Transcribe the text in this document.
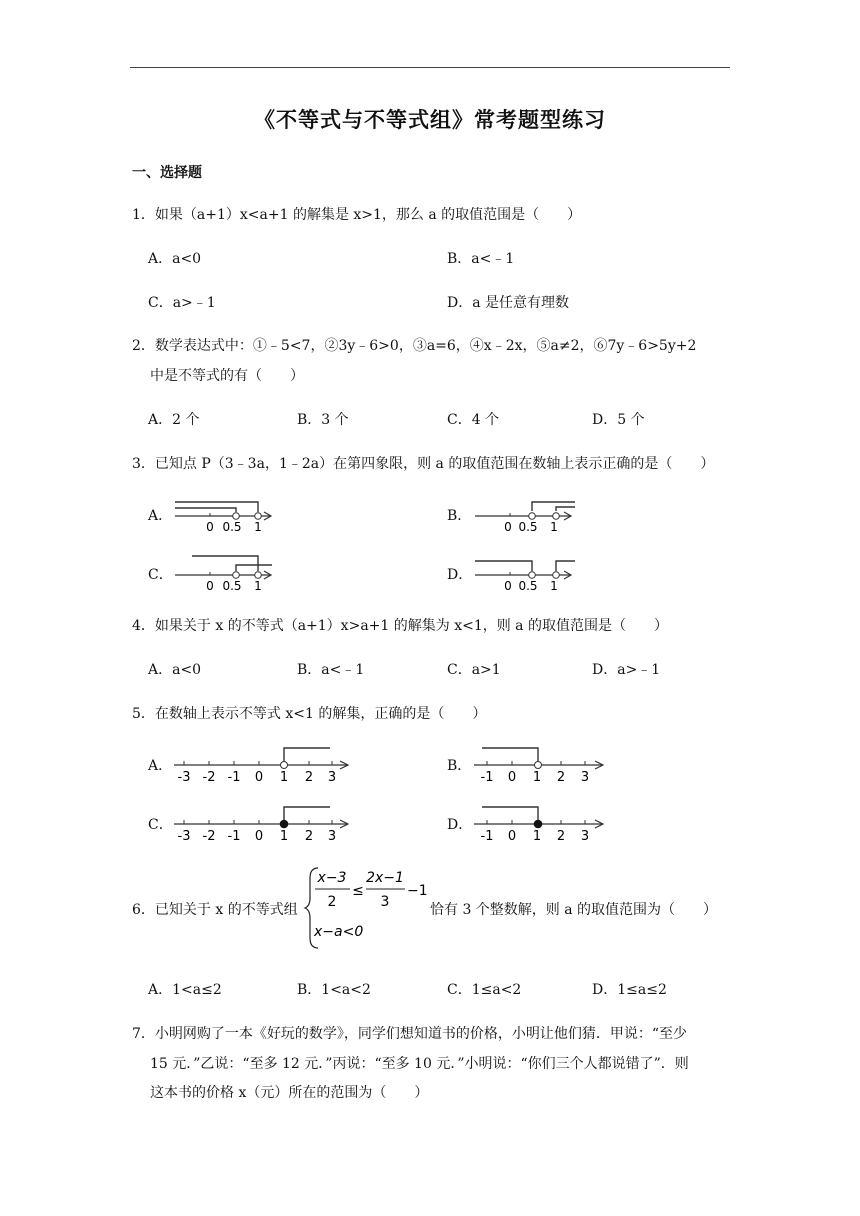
《不等式与不等式组》常考题型练习
一、选择题
1．如果（a+1）x<a+1 的解集是 x>1，那么 a 的取值范围是（　　）
A．a<0	B．a<﹣1
C．a>﹣1	D．a 是任意有理数
2．数学表达式中：①﹣5<7，②3y﹣6>0，③a=6，④x﹣2x，⑤a≠2，⑥7y﹣6>5y+2
中是不等式的有（　　）
A．2 个	B．3 个	C．4 个	D．5 个
3．已知点 P（3﹣3a，1﹣2a）在第四象限，则 a 的取值范围在数轴上表示正确的是（　　）
A．
0 0.5 1
B．
0 0.5 1
C．
0 0.5 1
D．
0 0.5 1
4．如果关于 x 的不等式（a+1）x>a+1 的解集为 x<1，则 a 的取值范围是（　　）
A．a<0	B．a<﹣1	C．a>1	D．a>﹣1
5．在数轴上表示不等式 x<1 的解集，正确的是（　　）
A．
-3 -2 -1 0 1 2 3
B．
-1 0 1 2 3
C．
-3 -2 -1 0 1 2 3
D．
-1 0 1 2 3
6．已知关于 x 的不等式组
x−3
2
≤
2x−1
3
−1
x−a<0
恰有 3 个整数解，则 a 的取值范围为（　　）
A．1<a≤2	B．1<a<2	C．1≤a<2	D．1≤a≤2
7．小明网购了一本《好玩的数学》，同学们想知道书的价格，小明让他们猜．甲说：“至少
15 元．”乙说：“至多 12 元．”丙说：“至多 10 元．”小明说：“你们三个人都说错了”．则
这本书的价格 x（元）所在的范围为（　　）
